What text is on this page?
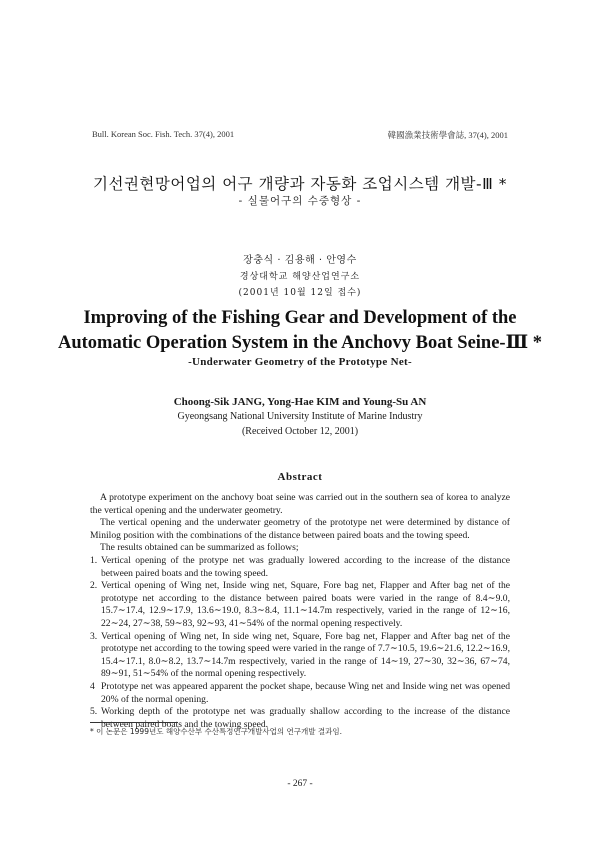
Bull. Korean Soc. Fish. Tech. 37(4), 2001	韓國漁業技術學會誌, 37(4), 2001
기선권현망어업의 어구 개량과 자동화 조업시스템 개발-Ⅲ *
- 실물어구의 수중형상 -
장충식 · 김용해 · 안영수
경상대학교 해양산업연구소
(2001년 10월 12일 접수)
Improving of the Fishing Gear and Development of the
Automatic Operation System in the Anchovy Boat Seine-Ⅲ *
-Underwater Geometry of the Prototype Net-
Choong-Sik JANG, Yong-Hae KIM and Young-Su AN
Gyeongsang National University Institute of Marine Industry
(Received October 12, 2001)
Abstract

A prototype experiment on the anchovy boat seine was carried out in the southern sea of korea to analyze the vertical opening and the underwater geometry.

The vertical opening and the underwater geometry of the prototype net were determined by distance of Minilog position with the combinations of the distance between paired boats and the towing speed.

The results obtained can be summarized as follows;

1. Vertical opening of the protype net was gradually lowered according to the increase of the distance between paired boats and the towing speed.
2. Vertical opening of Wing net, Inside wing net, Square, Fore bag net, Flapper and After bag net of the prototype net according to the distance between paired boats were varied in the range of 8.4∼9.0, 15.7∼17.4, 12.9∼17.9, 13.6∼19.0, 8.3∼8.4, 11.1∼14.7m respectively, varied in the range of 12∼16, 22∼24, 27∼38, 59∼83, 92∼93, 41∼54% of the normal opening respectively.
3. Vertical opening of Wing net, In side wing net, Square, Fore bag net, Flapper and After bag net of the prototype net according to the towing speed were varied in the range of 7.7∼10.5, 19.6∼21.6, 12.2∼16.9, 15.4∼17.1, 8.0∼8.2, 13.7∼14.7m respectively, varied in the range of 14∼19, 27∼30, 32∼36, 67∼74, 89∼91, 51∼54% of the normal opening respectively.
4 Prototype net was appeared apparent the pocket shape, because Wing net and Inside wing net was opened 20% of the normal opening.
5. Working depth of the prototype net was gradually shallow according to the increase of the distance between paired boats and the towing speed.
* 이 논문은 1999년도 해양수산부 수산특정연구개발사업의 연구개발 결과임.
- 267 -
